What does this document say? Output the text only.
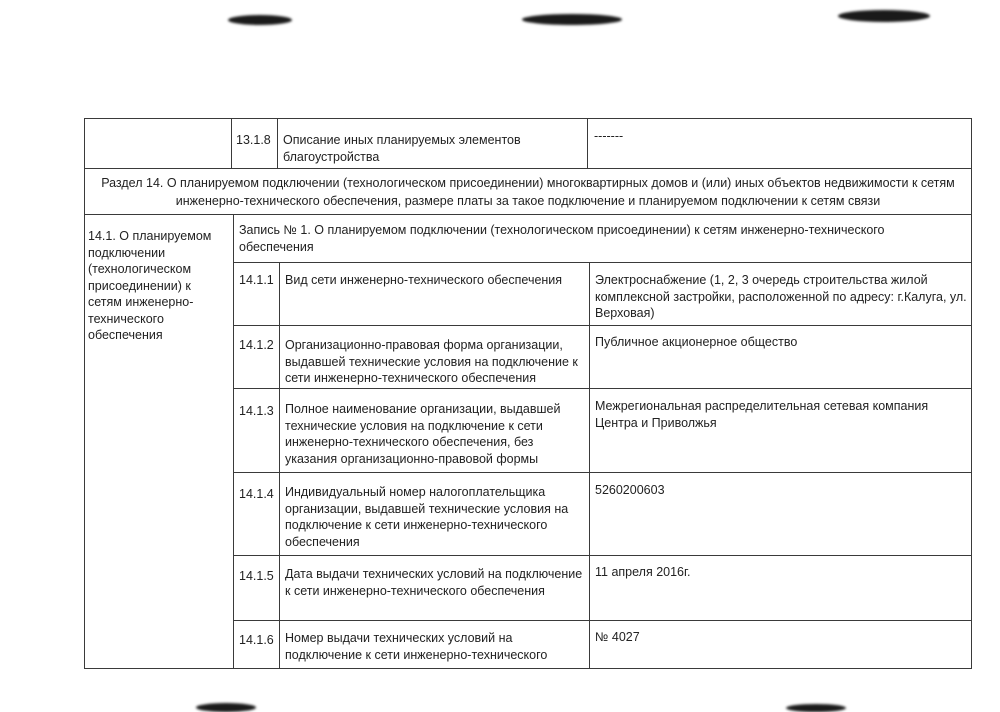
13.1.8 Описание иных планируемых элементов благоустройства
-------
Раздел 14. О планируемом подключении (технологическом присоединении) многоквартирных домов и (или) иных объектов недвижимости к сетям инженерно-технического обеспечения, размере платы за такое подключение и планируемом подключении к сетям связи
14.1. О планируемом подключении (технологическом присоединении) к сетям инженерно-технического обеспечения
Запись № 1. О планируемом подключении (технологическом присоединении) к сетям инженерно-технического обеспечения
14.1.1 Вид сети инженерно-технического обеспечения	Электроснабжение (1, 2, 3 очередь строительства жилой комплексной застройки, расположенной по адресу: г.Калуга, ул. Верховая)
14.1.2 Организационно-правовая форма организации, выдавшей технические условия на подключение к сети инженерно-технического обеспечения
Публичное акционерное общество
14.1.3 Полное наименование организации, выдавшей технические условия на подключение к сети инженерно-технического обеспечения, без указания организационно-правовой формы
Межрегиональная распределительная сетевая компания Центра и Приволжья
14.1.4 Индивидуальный номер налогоплательщика организации, выдавшей технические условия на подключение к сети инженерно-технического обеспечения
5260200603
14.1.5 Дата выдачи технических условий на подключение к сети инженерно-технического обеспечения
11 апреля 2016г.
14.1.6 Номер выдачи технических условий на подключение к сети инженерно-технического
№ 4027
